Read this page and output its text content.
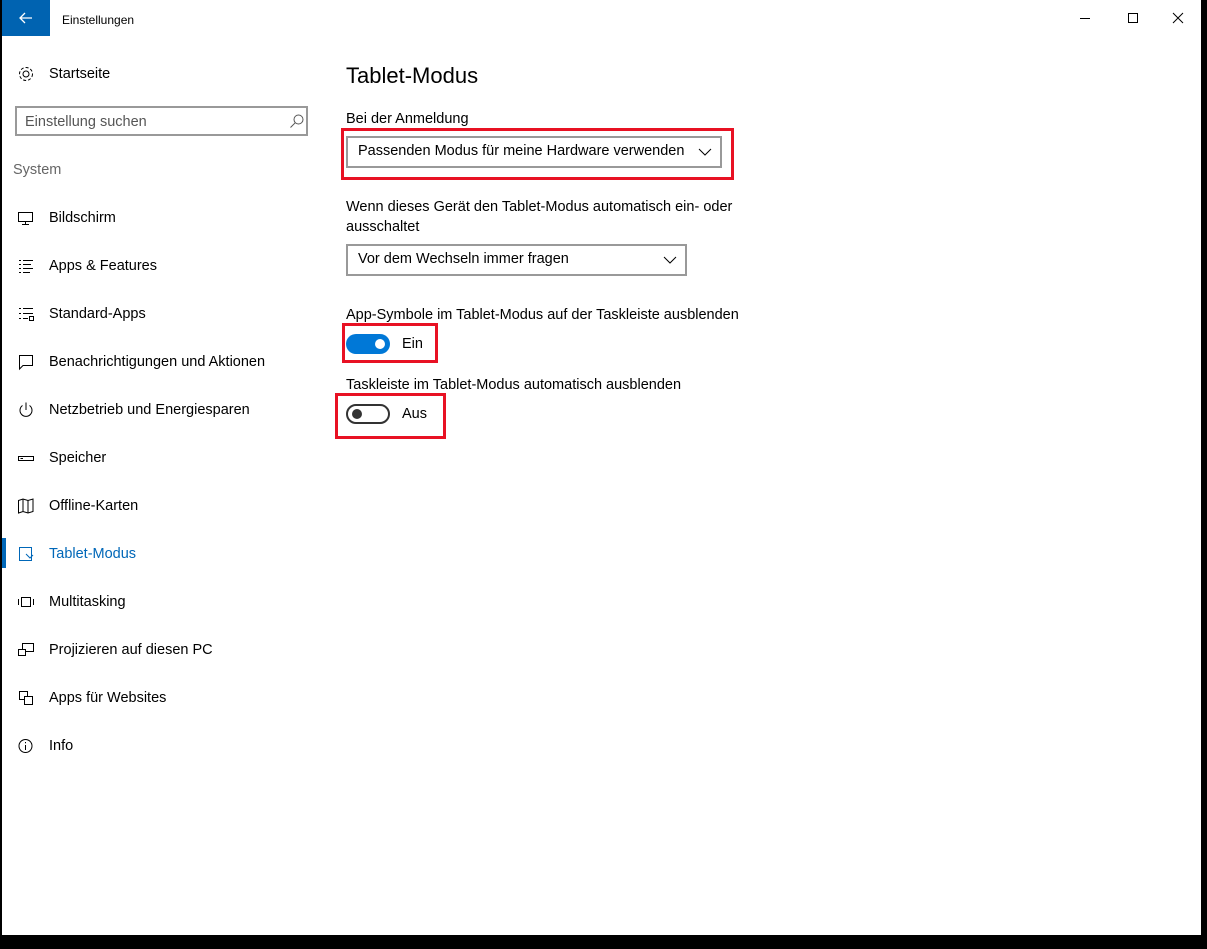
Einstellungen
Startseite
Einstellung suchen
System
Bildschirm
Apps & Features
Standard-Apps
Benachrichtigungen und Aktionen
Netzbetrieb und Energiesparen
Speicher
Offline-Karten
Tablet-Modus
Multitasking
Projizieren auf diesen PC
Apps für Websites
Info
Tablet-Modus
Bei der Anmeldung
Passenden Modus für meine Hardware verwenden
Wenn dieses Gerät den Tablet-Modus automatisch ein- oder ausschaltet
Vor dem Wechseln immer fragen
App-Symbole im Tablet-Modus auf der Taskleiste ausblenden
Ein
Taskleiste im Tablet-Modus automatisch ausblenden
Aus
